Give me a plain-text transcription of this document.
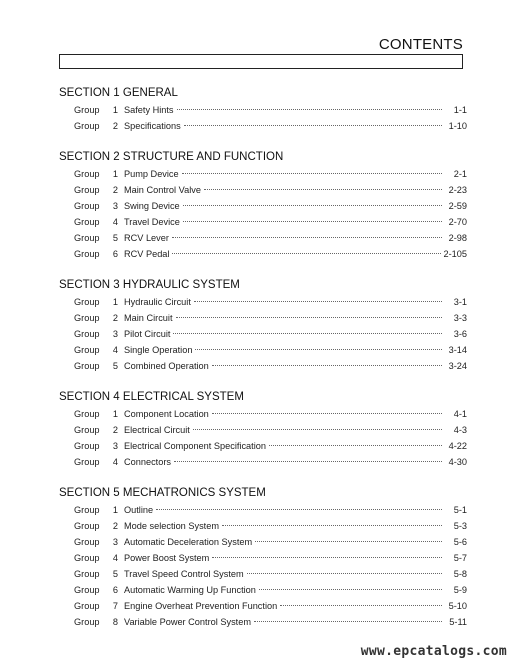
CONTENTS
SECTION 1 GENERAL
Group	1 Safety Hints	1-1
Group	2 Specifications	1-10
SECTION 2 STRUCTURE AND FUNCTION
Group	1 Pump Device	2-1
Group	2 Main Control Valve	2-23
Group	3 Swing Device	2-59
Group	4 Travel Device	2-70
Group	5 RCV Lever	2-98
Group	6 RCV Pedal	2-105
SECTION 3 HYDRAULIC SYSTEM
Group	1 Hydraulic Circuit	3-1
Group	2 Main Circuit	3-3
Group	3 Pilot Circuit	3-6
Group	4 Single Operation	3-14
Group	5 Combined Operation	3-24
SECTION 4 ELECTRICAL SYSTEM
Group	1 Component Location	4-1
Group	2 Electrical Circuit	4-3
Group	3 Electrical Component Specification	4-22
Group	4 Connectors	4-30
SECTION 5 MECHATRONICS SYSTEM
Group	1 Outline	5-1
Group	2 Mode selection System	5-3
Group	3 Automatic Deceleration System	5-6
Group	4 Power Boost System	5-7
Group	5 Travel Speed Control System	5-8
Group	6 Automatic Warming Up Function	5-9
Group	7 Engine Overheat Prevention Function	5-10
Group	8 Variable Power Control System	5-11
www.epcatalogs.com
